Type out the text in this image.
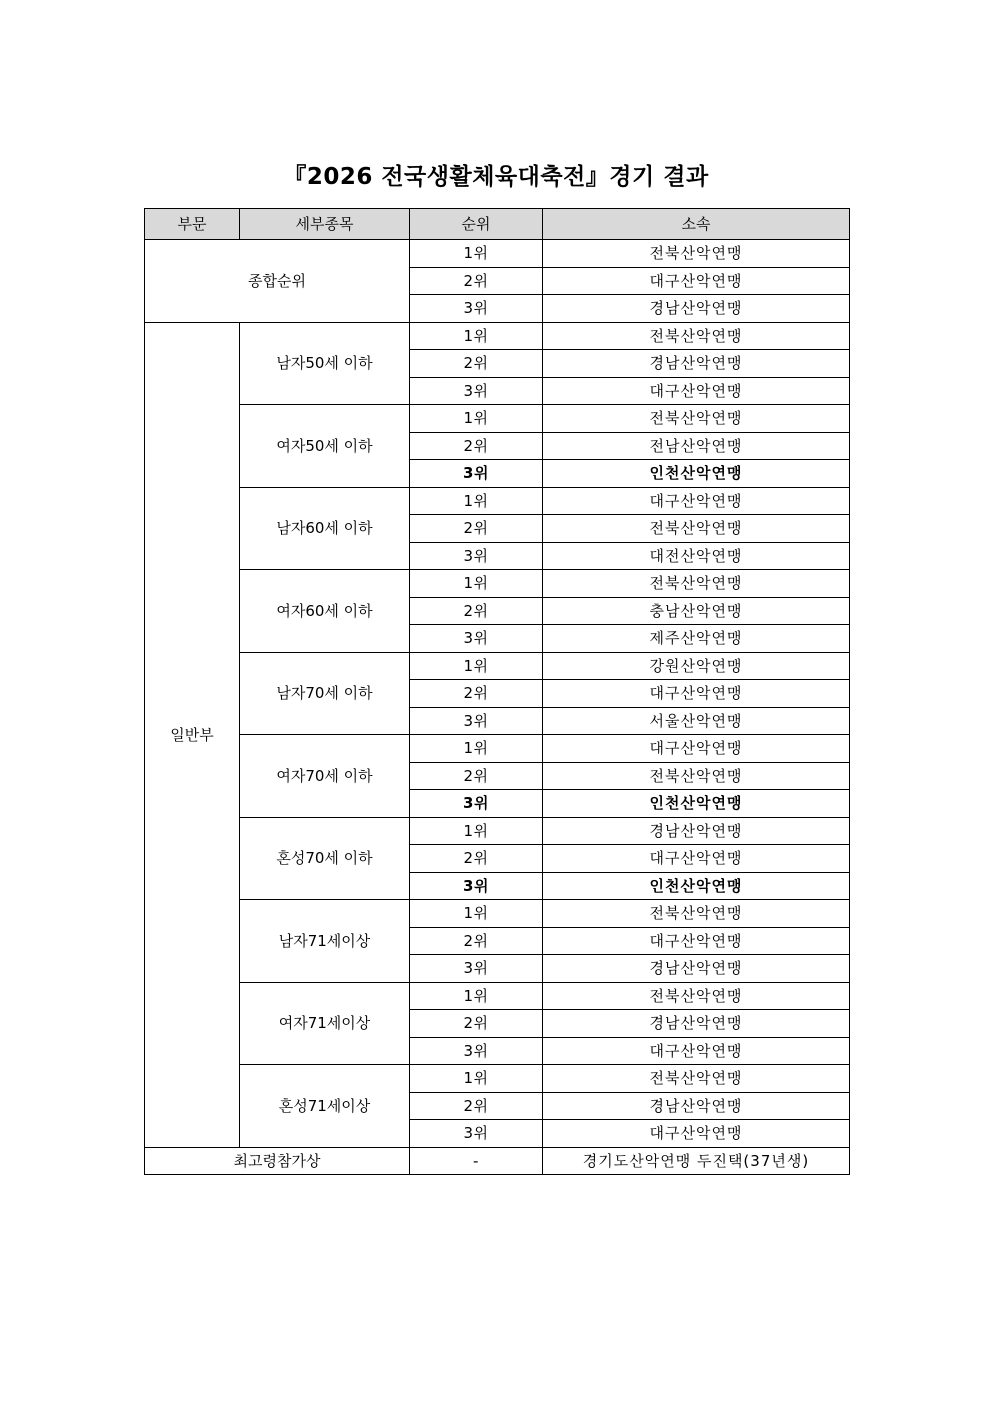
『2026 전국생활체육대축전』경기 결과
부문	세부종목	순위	소속
종합순위		1위	전북산악연맹
		2위	대구산악연맹
		3위	경남산악연맹
일반부	남자50세 이하	1위	전북산악연맹
		2위	경남산악연맹
		3위	대구산악연맹
	여자50세 이하	1위	전북산악연맹
		2위	전남산악연맹
		3위	인천산악연맹
	남자60세 이하	1위	대구산악연맹
		2위	전북산악연맹
		3위	대전산악연맹
	여자60세 이하	1위	전북산악연맹
		2위	충남산악연맹
		3위	제주산악연맹
	남자70세 이하	1위	강원산악연맹
		2위	대구산악연맹
		3위	서울산악연맹
	여자70세 이하	1위	대구산악연맹
		2위	전북산악연맹
		3위	인천산악연맹
	혼성70세 이하	1위	경남산악연맹
		2위	대구산악연맹
		3위	인천산악연맹
	남자71세이상	1위	전북산악연맹
		2위	대구산악연맹
		3위	경남산악연맹
	여자71세이상	1위	전북산악연맹
		2위	경남산악연맹
		3위	대구산악연맹
	혼성71세이상	1위	전북산악연맹
		2위	경남산악연맹
		3위	대구산악연맹
최고령참가상		-	경기도산악연맹 두진택(37년생)
